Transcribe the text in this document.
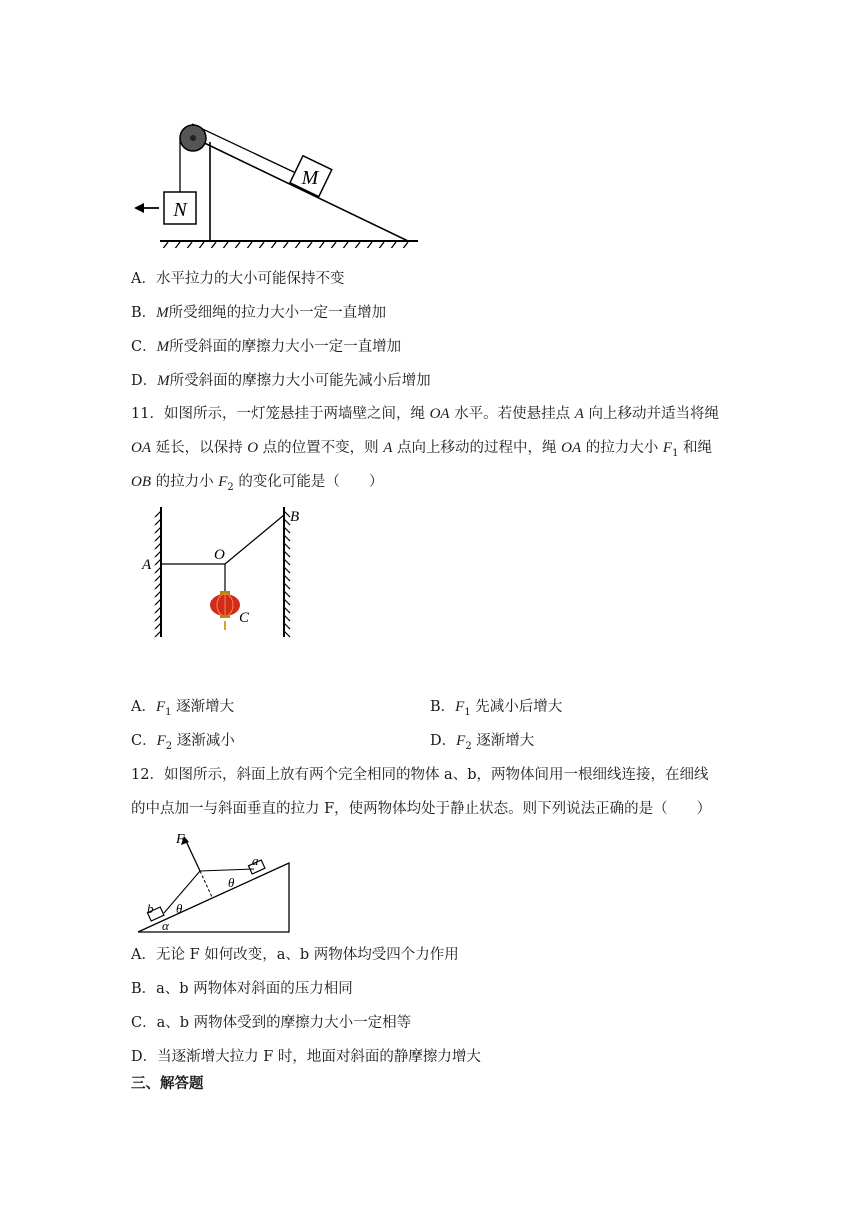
M
N
A．水平拉力的大小可能保持不变
B．M所受细绳的拉力大小一定一直增加
C．M所受斜面的摩擦力大小一定一直增加
D．M所受斜面的摩擦力大小可能先减小后增加
11．如图所示，一灯笼悬挂于两墙壁之间，绳 OA 水平。若使悬挂点 A 向上移动并适当将绳
OA 延长，以保持 O 点的位置不变，则 A 点向上移动的过程中，绳 OA 的拉力大小 $F_1$ 和绳
OB 的拉力小 $F_2$ 的变化可能是（　　）
A
B
O
C
A．$F_1$ 逐渐增大	B．$F_1$ 先减小后增大
C．$F_2$ 逐渐减小	D．$F_2$ 逐渐增大
12．如图所示，斜面上放有两个完全相同的物体 a、b，两物体间用一根细线连接，在细线
的中点加一与斜面垂直的拉力 F，使两物体均处于静止状态。则下列说法正确的是（　　）
F
a
b θ
θ
α
A．无论 F 如何改变，a、b 两物体均受四个力作用
B．a、b 两物体对斜面的压力相同
C．a、b 两物体受到的摩擦力大小一定相等
D．当逐渐增大拉力 F 时，地面对斜面的静摩擦力增大
三、解答题
